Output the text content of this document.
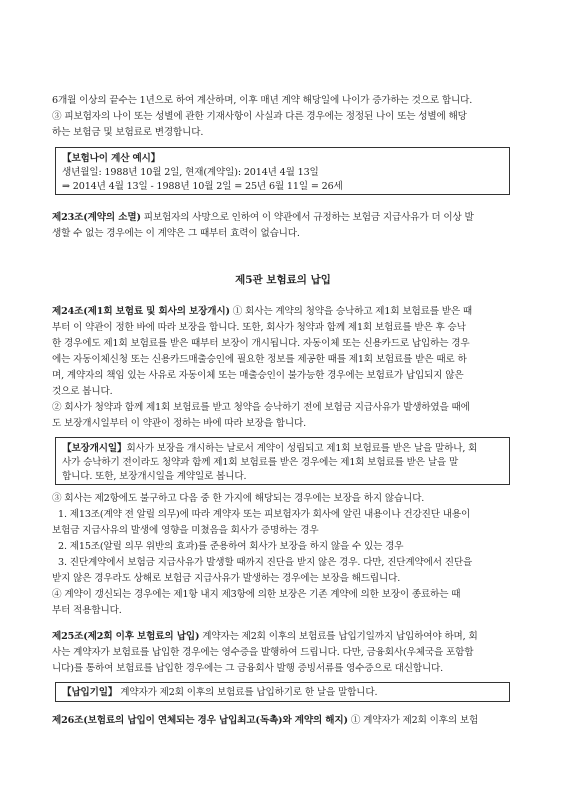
6개월 이상의 끝수는 1년으로 하여 계산하며, 이후 매년 계약 해당일에 나이가 증가하는 것으로 합니다.
③ 피보험자의 나이 또는 성별에 관한 기재사항이 사실과 다른 경우에는 정정된 나이 또는 성별에 해당
하는 보험금 및 보험료로 변경합니다.
【보험나이 계산 예시】
생년월일: 1988년 10월 2일, 현재(계약일): 2014년 4월 13일
⇒ 2014년 4월 13일 - 1988년 10월 2일 = 25년 6월 11일 = 26세
제23조(계약의 소멸) 피보험자의 사망으로 인하여 이 약관에서 규정하는 보험금 지급사유가 더 이상 발
생할 수 없는 경우에는 이 계약은 그 때부터 효력이 없습니다.
제5관 보험료의 납입
제24조(제1회 보험료 및 회사의 보장개시) ① 회사는 계약의 청약을 승낙하고 제1회 보험료를 받은 때
부터 이 약관이 정한 바에 따라 보장을 합니다. 또한, 회사가 청약과 함께 제1회 보험료를 받은 후 승낙
한 경우에도 제1회 보험료를 받은 때부터 보장이 개시됩니다. 자동이체 또는 신용카드로 납입하는 경우
에는 자동이체신청 또는 신용카드매출승인에 필요한 정보를 제공한 때를 제1회 보험료를 받은 때로 하
며, 계약자의 책임 있는 사유로 자동이체 또는 매출승인이 불가능한 경우에는 보험료가 납입되지 않은
것으로 봅니다.
② 회사가 청약과 함께 제1회 보험료를 받고 청약을 승낙하기 전에 보험금 지급사유가 발생하였을 때에
도 보장개시일부터 이 약관이 정하는 바에 따라 보장을 합니다.
【보장개시일】회사가 보장을 개시하는 날로서 계약이 성립되고 제1회 보험료를 받은 날을 말하나, 회
사가 승낙하기 전이라도 청약과 함께 제1회 보험료를 받은 경우에는 제1회 보험료를 받은 날을 말
합니다. 또한, 보장개시일을 계약일로 봅니다.
③ 회사는 제2항에도 불구하고 다음 중 한 가지에 해당되는 경우에는 보장을 하지 않습니다.
1. 제13조(계약 전 알릴 의무)에 따라 계약자 또는 피보험자가 회사에 알린 내용이나 건강진단 내용이
보험금 지급사유의 발생에 영향을 미쳤음을 회사가 증명하는 경우
2. 제15조(알릴 의무 위반의 효과)를 준용하여 회사가 보장을 하지 않을 수 있는 경우
3. 진단계약에서 보험금 지급사유가 발생할 때까지 진단을 받지 않은 경우. 다만, 진단계약에서 진단을
받지 않은 경우라도 상해로 보험금 지급사유가 발생하는 경우에는 보장을 해드립니다.
④ 계약이 갱신되는 경우에는 제1항 내지 제3항에 의한 보장은 기존 계약에 의한 보장이 종료하는 때
부터 적용합니다.
제25조(제2회 이후 보험료의 납입) 계약자는 제2회 이후의 보험료를 납입기일까지 납입하여야 하며, 회
사는 계약자가 보험료를 납입한 경우에는 영수증을 발행하여 드립니다. 다만, 금융회사(우체국을 포함합
니다)를 통하여 보험료를 납입한 경우에는 그 금융회사 발행 증빙서류를 영수증으로 대신합니다.
【납입기일】 계약자가 제2회 이후의 보험료를 납입하기로 한 날을 말합니다.
제26조(보험료의 납입이 연체되는 경우 납입최고(독촉)와 계약의 해지) ① 계약자가 제2회 이후의 보험
